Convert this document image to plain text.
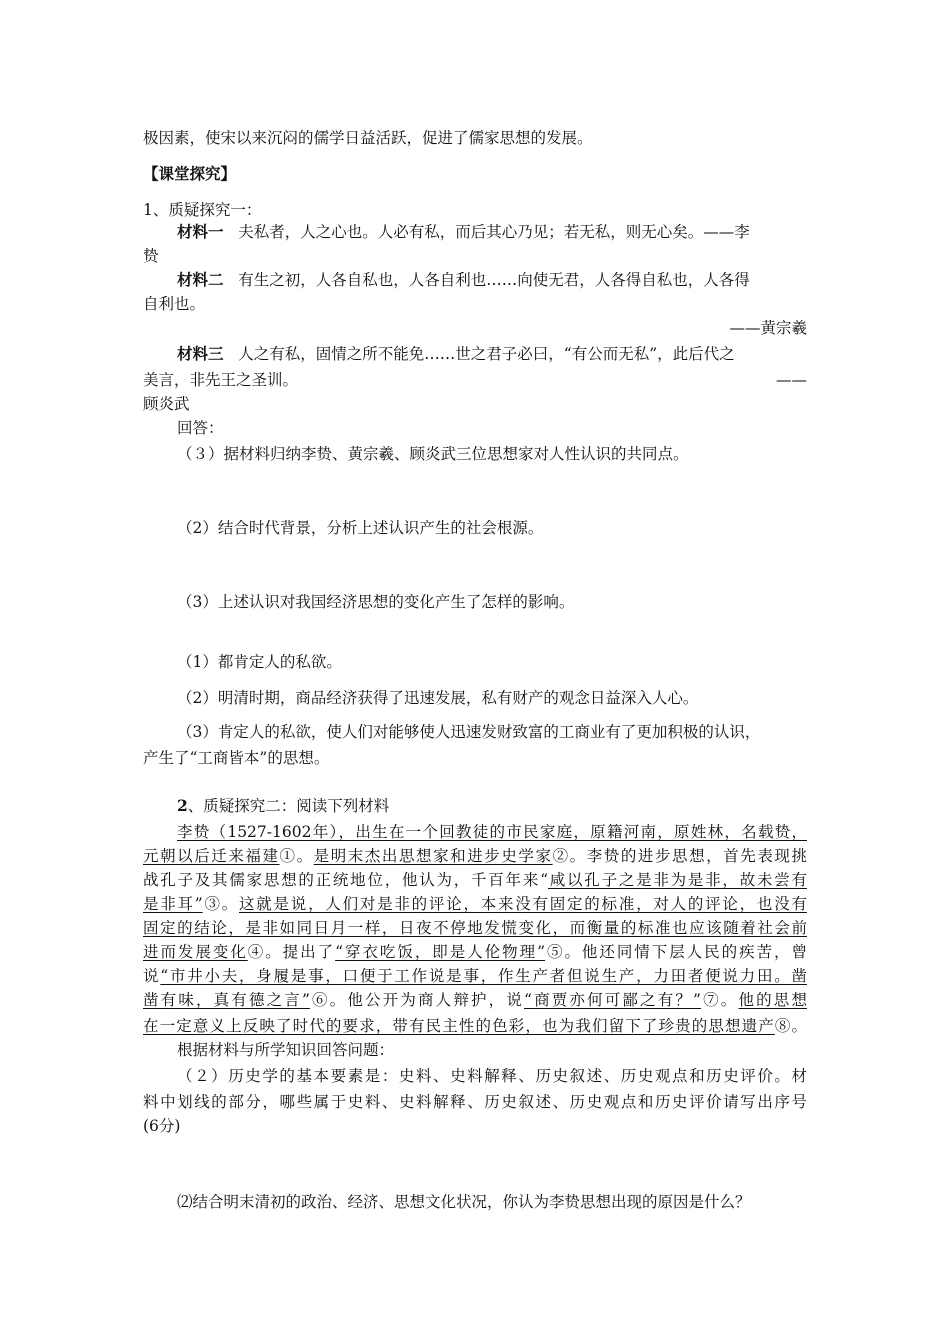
极因素，使宋以来沉闷的儒学日益活跃，促进了儒家思想的发展。
【课堂探究】
1、质疑探究一：
材料一 夫私者，人之心也。人必有私，而后其心乃见；若无私，则无心矣。——李
贽
材料二 有生之初，人各自私也，人各自利也……向使无君，人各得自私也，人各得
自利也。
——黄宗羲
材料三 人之有私，固情之所不能免……世之君子必曰，“有公而无私”，此后代之
美言，非先王之圣训。	——
顾炎武
回答：
（３）据材料归纳李贽、黄宗羲、顾炎武三位思想家对人性认识的共同点。
（2）结合时代背景，分析上述认识产生的社会根源。
（3）上述认识对我国经济思想的变化产生了怎样的影响。
（1）都肯定人的私欲。
（2）明清时期，商品经济获得了迅速发展，私有财产的观念日益深入人心。
（3）肯定人的私欲，使人们对能够使人迅速发财致富的工商业有了更加积极的认识，
产生了“工商皆本”的思想。
2、质疑探究二：阅读下列材料
李贽（1527-1602年），出生在一个回教徒的市民家庭，原籍河南，原姓林，名载贽，
元朝以后迁来福建①。是明末杰出思想家和进步史学家②。李贽的进步思想，首先表现挑
战孔子及其儒家思想的正统地位，他认为，千百年来“咸以孔子之是非为是非，故未尝有
是非耳”③。这就是说，人们对是非的评论，本来没有固定的标准，对人的评论，也没有
固定的结论，是非如同日月一样，日夜不停地发慌变化，而衡量的标准也应该随着社会前
进而发展变化④。提出了“穿衣吃饭，即是人伦物理”⑤。他还同情下层人民的疾苦，曾
说“市井小夫，身履是事，口便于工作说是事，作生产者但说生产，力田者便说力田。凿
凿有味，真有德之言”⑥。他公开为商人辩护，说“商贾亦何可鄙之有？”⑦。他的思想
在一定意义上反映了时代的要求，带有民主性的色彩，也为我们留下了珍贵的思想遗产⑧。
根据材料与所学知识回答问题：
（２）历史学的基本要素是：史料、史料解释、历史叙述、历史观点和历史评价。材
料中划线的部分，哪些属于史料、史料解释、历史叙述、历史观点和历史评价请写出序号
(6分)
⑵结合明末清初的政治、经济、思想文化状况，你认为李贽思想出现的原因是什么？
